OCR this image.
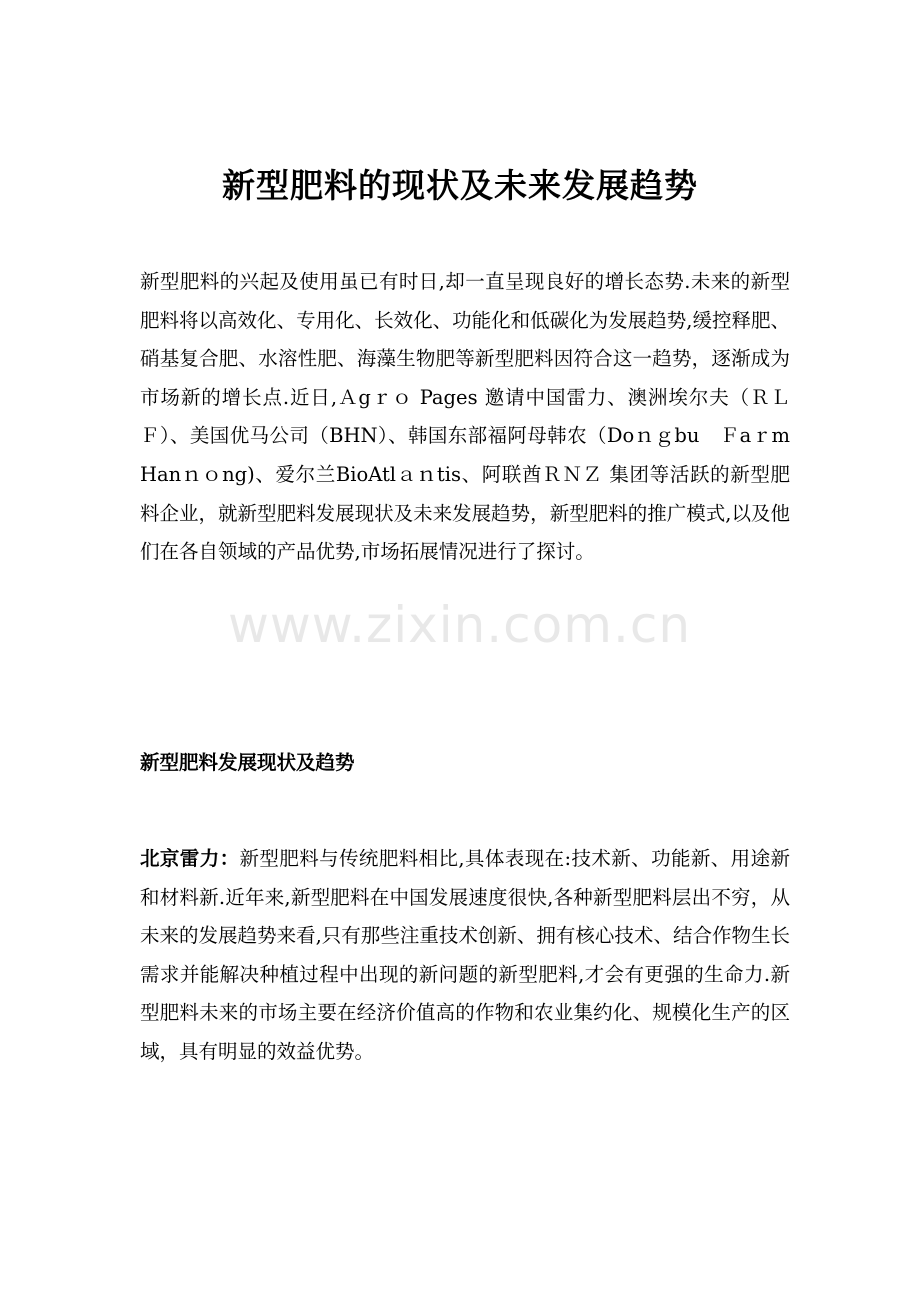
新型肥料的现状及未来发展趋势

新型肥料的兴起及使用虽已有时日,却一直呈现良好的增长态势.未来的新型肥料将以高效化、专用化、长效化、功能化和低碳化为发展趋势,缓控释肥、硝基复合肥、水溶性肥、海藻生物肥等新型肥料因符合这一趋势，逐渐成为市场新的增长点.近日,Ａgｒｏ Pages 邀请中国雷力、澳洲埃尔夫（ＲＬＦ）、美国优马公司（BHN）、韩国东部福阿母韩农（Doｎｇbu　Ｆaｒm　Hanｎｏng)、爱尔兰BioAtlａｎtis、阿联酋ＲＮＺ 集团等活跃的新型肥料企业，就新型肥料发展现状及未来发展趋势，新型肥料的推广模式,以及他们在各自领域的产品优势,市场拓展情况进行了探讨。

新型肥料发展现状及趋势

北京雷力：新型肥料与传统肥料相比,具体表现在:技术新、功能新、用途新和材料新.近年来,新型肥料在中国发展速度很快,各种新型肥料层出不穷，从未来的发展趋势来看,只有那些注重技术创新、拥有核心技术、结合作物生长需求并能解决种植过程中出现的新问题的新型肥料,才会有更强的生命力.新型肥料未来的市场主要在经济价值高的作物和农业集约化、规模化生产的区域，具有明显的效益优势。

www.zixin.com.cn
